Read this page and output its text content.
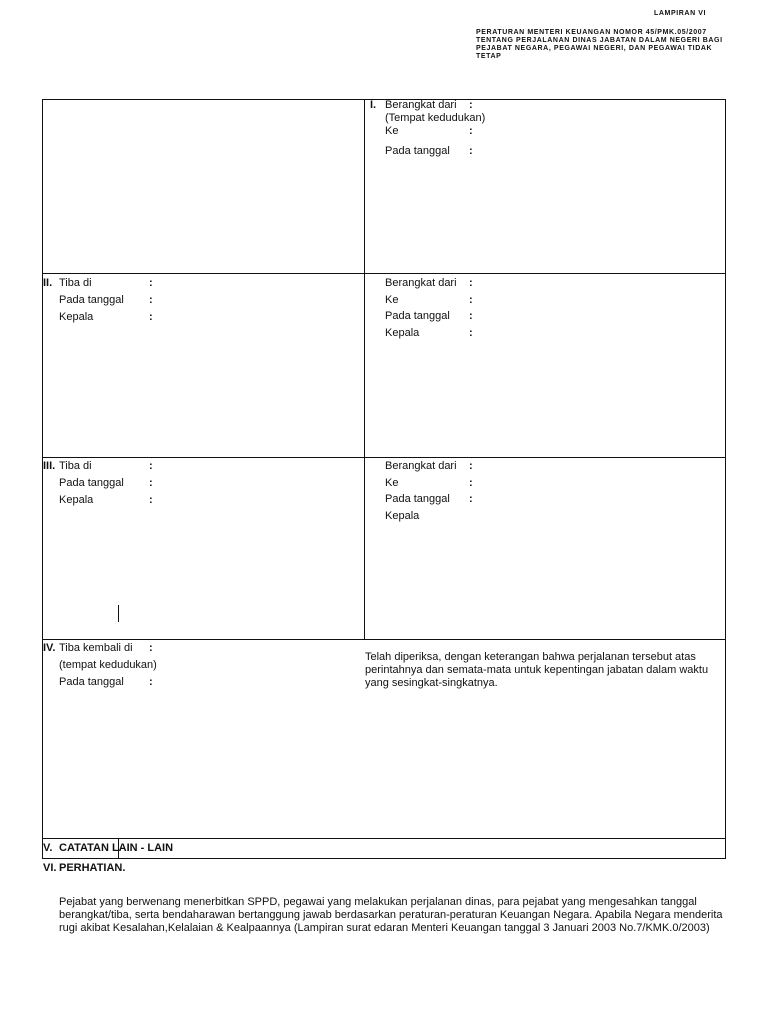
LAMPIRAN VI
PERATURAN MENTERI KEUANGAN NOMOR 45/PMK.05/2007
TENTANG PERJALANAN DINAS JABATAN DALAM NEGERI BAGI
PEJABAT NEGARA, PEGAWAI NEGERI, DAN PEGAWAI TIDAK
TETAP
I. Berangkat dari :
(Tempat kedudukan)
Ke	:
Pada tanggal :
II. Tiba di	:
Pada tanggal :
Kepala	:
Berangkat dari :
Ke	:
Pada tanggal :
Kepala	:
III. Tiba di	:
Pada tanggal :
Kepala	:
Berangkat dari :
Ke	:
Pada tanggal :
Kepala
IV. Tiba kembali di :
(tempat kedudukan)
Pada tanggal :
Telah diperiksa, dengan keterangan bahwa perjalanan tersebut atas
perintahnya dan semata-mata untuk kepentingan jabatan dalam waktu
yang sesingkat-singkatnya.
V. CATATAN LAIN - LAIN
VI. PERHATIAN.
Pejabat yang berwenang menerbitkan SPPD, pegawai yang melakukan perjalanan dinas, para pejabat yang mengesahkan tanggal
berangkat/tiba, serta bendaharawan bertanggung jawab berdasarkan peraturan-peraturan Keuangan Negara. Apabila Negara menderita
rugi akibat Kesalahan,Kelalaian & Kealpaannya (Lampiran surat edaran Menteri Keuangan tanggal 3 Januari 2003 No.7/KMK.0/2003)
